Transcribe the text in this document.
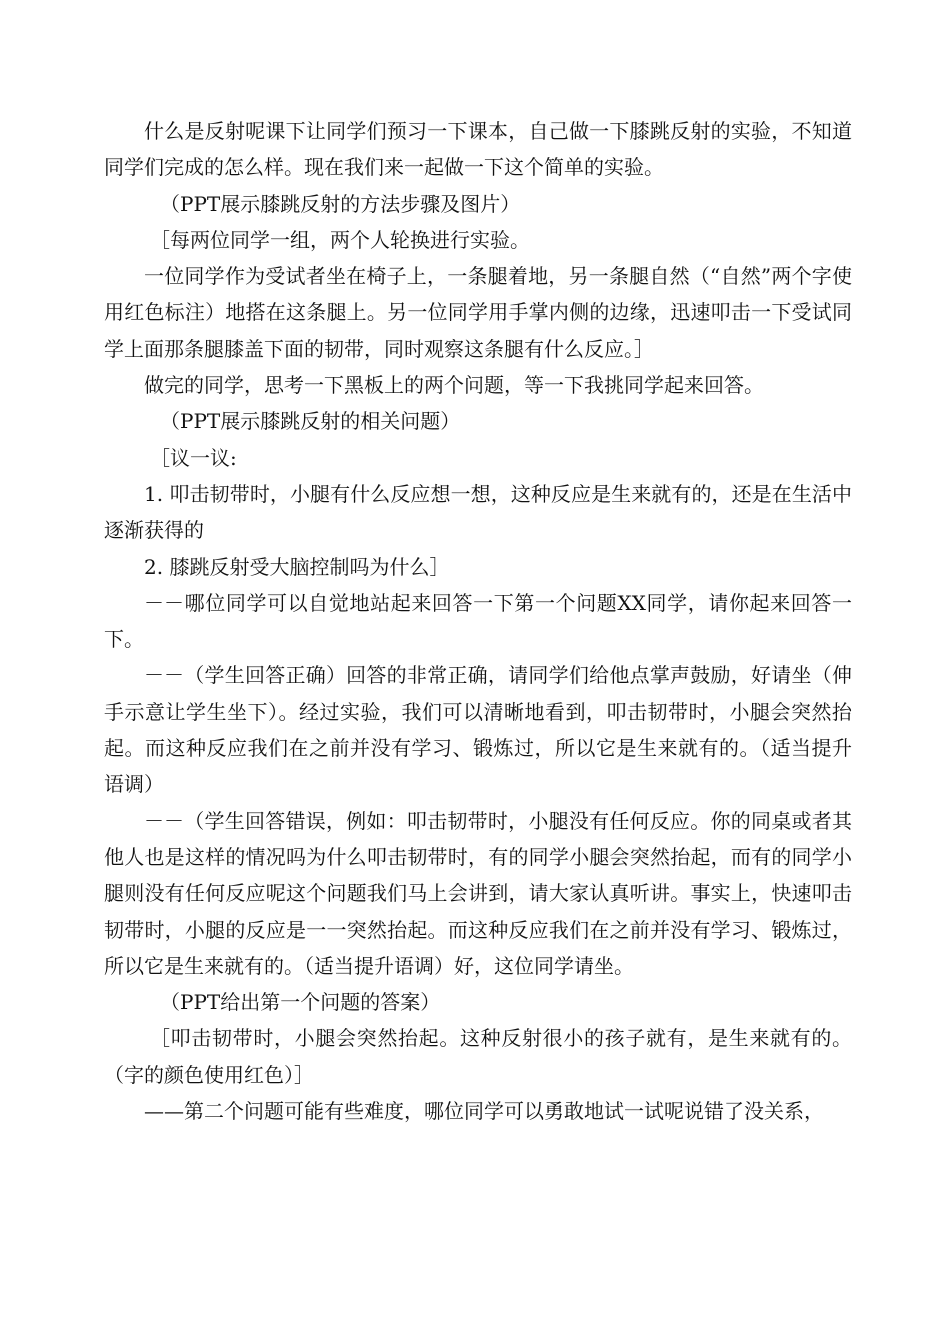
什么是反射呢课下让同学们预习一下课本，自己做一下膝跳反射的实验，不知道同学们完成的怎么样。现在我们来一起做一下这个简单的实验。

（PPT展示膝跳反射的方法步骤及图片）

［每两位同学一组，两个人轮换进行实验。

一位同学作为受试者坐在椅子上，一条腿着地，另一条腿自然（“自然”两个字使用红色标注）地搭在这条腿上。另一位同学用手掌内侧的边缘，迅速叩击一下受试同学上面那条腿膝盖下面的韧带，同时观察这条腿有什么反应。］

做完的同学，思考一下黑板上的两个问题，等一下我挑同学起来回答。

（PPT展示膝跳反射的相关问题）

［议一议:

1. 叩击韧带时，小腿有什么反应想一想，这种反应是生来就有的，还是在生活中逐渐获得的

2. 膝跳反射受大脑控制吗为什么］

－－哪位同学可以自觉地站起来回答一下第一个问题XX同学，请你起来回答一下。

－－（学生回答正确）回答的非常正确，请同学们给他点掌声鼓励，好请坐（伸手示意让学生坐下）。经过实验，我们可以清晰地看到，叩击韧带时，小腿会突然抬起。而这种反应我们在之前并没有学习、锻炼过，所以它是生来就有的。（适当提升语调）

－－（学生回答错误，例如：叩击韧带时，小腿没有任何反应。你的同桌或者其他人也是这样的情况吗为什么叩击韧带时，有的同学小腿会突然抬起，而有的同学小腿则没有任何反应呢这个问题我们马上会讲到，请大家认真听讲。事实上，快速叩击韧带时，小腿的反应是一一突然抬起。而这种反应我们在之前并没有学习、锻炼过，所以它是生来就有的。（适当提升语调）好，这位同学请坐。

（PPT给出第一个问题的答案）

［叩击韧带时，小腿会突然抬起。这种反射很小的孩子就有，是生来就有的。（字的颜色使用红色）］

——第二个问题可能有些难度，哪位同学可以勇敢地试一试呢说错了没关系，
